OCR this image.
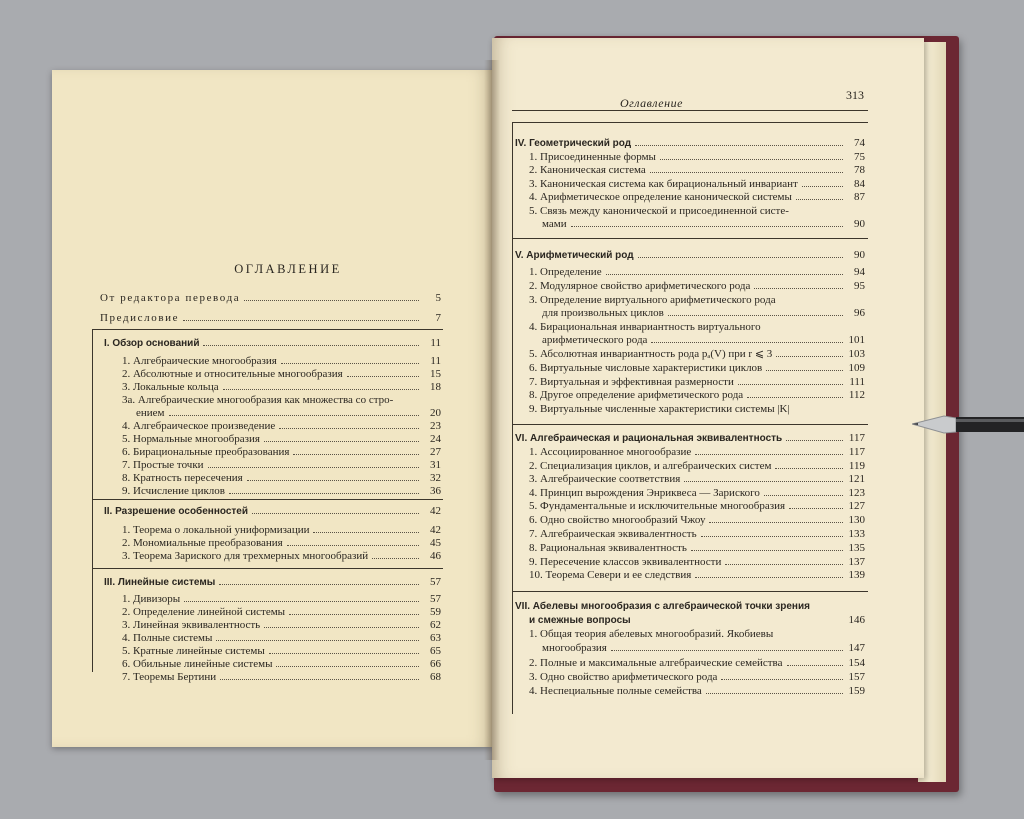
ОГЛАВЛЕНИЕ
От редактора перевода	5
Предисловие	7
I. Обзор оснований	11
1. Алгебраические многообразия	11
2. Абсолютные и относительные многообразия	15
3. Локальные кольца	18
3а. Алгебраические многообразия как множества со стро-
ением	20
4. Алгебраическое произведение	23
5. Нормальные многообразия	24
6. Бирациональные преобразования	27
7. Простые точки	31
8. Кратность пересечения	32
9. Исчисление циклов	36
II. Разрешение особенностей	42
1. Теорема о локальной униформизации	42
2. Мономиальные преобразования	45
3. Теорема Зариского для трехмерных многообразий	46
III. Линейные системы	57
1. Дивизоры	57
2. Определение линейной системы	59
3. Линейная эквивалентность	62
4. Полные системы	63
5. Кратные линейные системы	65
6. Обильные линейные системы	66
7. Теоремы Бертини	68
Оглавление
313
IV. Геометрический род	74
1. Присоединенные формы	75
2. Каноническая система	78
3. Каноническая система как бирациональный инвариант	84
4. Арифметическое определение канонической системы	87
5. Связь между канонической и присоединенной систе-
мами	90
V. Арифметический род	90
1. Определение	94
2. Модулярное свойство арифметического рода	95
3. Определение виртуального арифметического рода
для произвольных циклов	96
4. Бирациональная инвариантность виртуального
арифметического рода	101
5. Абсолютная инвариантность рода pₐ(V) при r ⩽ 3	103
6. Виртуальные числовые характеристики циклов	109
7. Виртуальная и эффективная размерности	111
8. Другое определение арифметического рода	112
9. Виртуальные численные характеристики системы |K|
VI. Алгебраическая и рациональная эквивалентность	117
1. Ассоциированное многообразие	117
2. Специализация циклов, и алгебраических систем	119
3. Алгебраические соответствия	121
4. Принцип вырождения Энриквеса — Зариского	123
5. Фундаментальные и исключительные многообразия	127
6. Одно свойство многообразий Чжоу	130
7. Алгебраическая эквивалентность	133
8. Рациональная эквивалентность	135
9. Пересечение классов эквивалентности	137
10. Теорема Севери и ее следствия	139
VII. Абелевы многообразия с алгебраической точки зрения
и смежные вопросы	146
1. Общая теория абелевых многообразий. Якобиевы
многообразия	147
2. Полные и максимальные алгебраические семейства	154
3. Одно свойство арифметического рода	157
4. Неспециальные полные семейства	159
